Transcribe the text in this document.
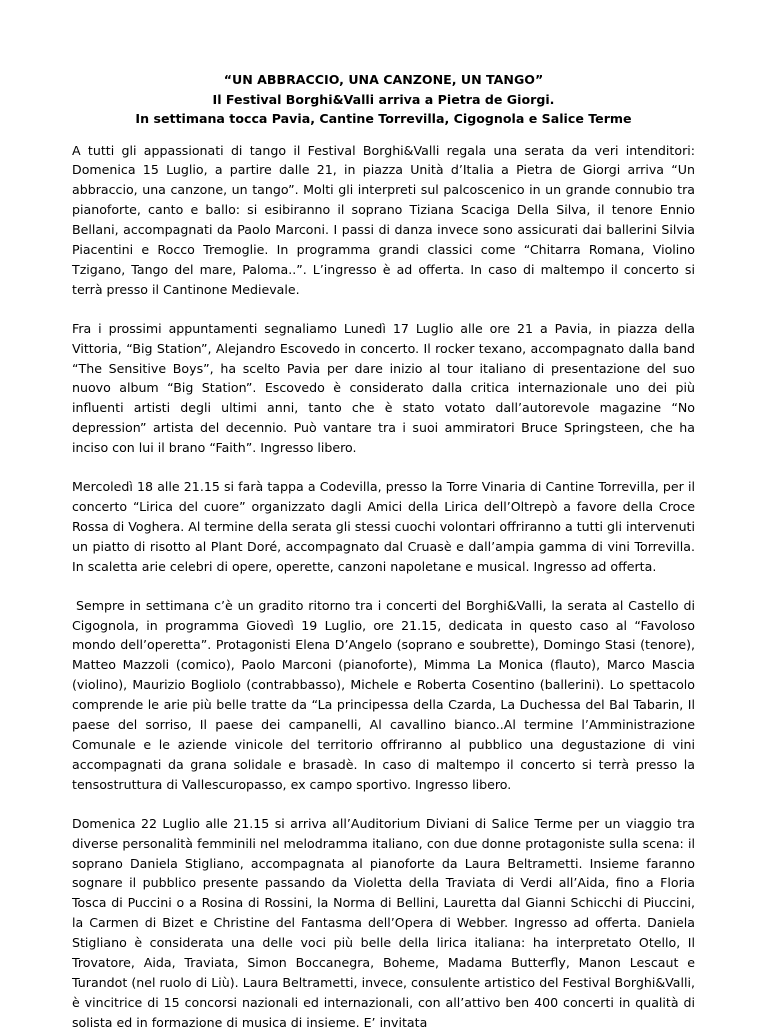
“UN ABBRACCIO, UNA CANZONE, UN TANGO”
Il Festival Borghi&Valli arriva a Pietra de Giorgi.
In settimana tocca Pavia, Cantine Torrevilla, Cigognola e Salice Terme

A tutti gli appassionati di tango il Festival Borghi&Valli regala una serata da veri intenditori: Domenica 15 Luglio, a partire dalle 21, in piazza Unità d’Italia a Pietra de Giorgi arriva “Un abbraccio, una canzone, un tango”. Molti gli interpreti sul palcoscenico in un grande connubio tra pianoforte, canto e ballo: si esibiranno il soprano Tiziana Scaciga Della Silva, il tenore Ennio Bellani, accompagnati da Paolo Marconi. I passi di danza invece sono assicurati dai ballerini Silvia Piacentini e Rocco Tremoglie. In programma grandi classici come “Chitarra Romana, Violino Tzigano, Tango del mare, Paloma..”. L’ingresso è ad offerta. In caso di maltempo il concerto si terrà presso il Cantinone Medievale.

Fra i prossimi appuntamenti segnaliamo Lunedì 17 Luglio alle ore 21 a Pavia, in piazza della Vittoria, “Big Station”, Alejandro Escovedo in concerto. Il rocker texano, accompagnato dalla band “The Sensitive Boys”, ha scelto Pavia per dare inizio al tour italiano di presentazione del suo nuovo album “Big Station”. Escovedo è considerato dalla critica internazionale uno dei più influenti artisti degli ultimi anni, tanto che è stato votato dall’autorevole magazine “No depression” artista del decennio. Può vantare tra i suoi ammiratori Bruce Springsteen, che ha inciso con lui il brano “Faith”. Ingresso libero.

Mercoledì 18 alle 21.15 si farà tappa a Codevilla, presso la Torre Vinaria di Cantine Torrevilla, per il concerto “Lirica del cuore” organizzato dagli Amici della Lirica dell’Oltrepò a favore della Croce Rossa di Voghera. Al termine della serata gli stessi cuochi volontari offriranno a tutti gli intervenuti un piatto di risotto al Plant Doré, accompagnato dal Cruasè e dall’ampia gamma di vini Torrevilla. In scaletta arie celebri di opere, operette, canzoni napoletane e musical. Ingresso ad offerta.

Sempre in settimana c’è un gradito ritorno tra i concerti del Borghi&Valli, la serata al Castello di Cigognola, in programma Giovedì 19 Luglio, ore 21.15, dedicata in questo caso al “Favoloso mondo dell’operetta”. Protagonisti Elena D’Angelo (soprano e soubrette), Domingo Stasi (tenore), Matteo Mazzoli (comico), Paolo Marconi (pianoforte), Mimma La Monica (flauto), Marco Mascia (violino), Maurizio Bogliolo (contrabbasso), Michele e Roberta Cosentino (ballerini). Lo spettacolo comprende le arie più belle tratte da “La principessa della Czarda, La Duchessa del Bal Tabarin, Il paese del sorriso, Il paese dei campanelli, Al cavallino bianco..Al termine l’Amministrazione Comunale e le aziende vinicole del territorio offriranno al pubblico una degustazione di vini accompagnati da grana solidale e brasadè. In caso di maltempo il concerto si terrà presso la tensostruttura di Vallescuropasso, ex campo sportivo. Ingresso libero.

Domenica 22 Luglio alle 21.15 si arriva all’Auditorium Diviani di Salice Terme per un viaggio tra diverse personalità femminili nel melodramma italiano, con due donne protagoniste sulla scena: il soprano Daniela Stigliano, accompagnata al pianoforte da Laura Beltrametti. Insieme faranno sognare il pubblico presente passando da Violetta della Traviata di Verdi all’Aida, fino a Floria Tosca di Puccini o a Rosina di Rossini, la Norma di Bellini, Lauretta dal Gianni Schicchi di Piuccini, la Carmen di Bizet e Christine del Fantasma dell’Opera di Webber. Ingresso ad offerta. Daniela Stigliano è considerata una delle voci più belle della lirica italiana: ha interpretato Otello, Il Trovatore, Aida, Traviata, Simon Boccanegra, Boheme, Madama Butterfly, Manon Lescaut e Turandot (nel ruolo di Liù). Laura Beltrametti, invece, consulente artistico del Festival Borghi&Valli, è vincitrice di 15 concorsi nazionali ed internazionali, con all’attivo ben 400 concerti in qualità di solista ed in formazione di musica di insieme. E’ invitata
